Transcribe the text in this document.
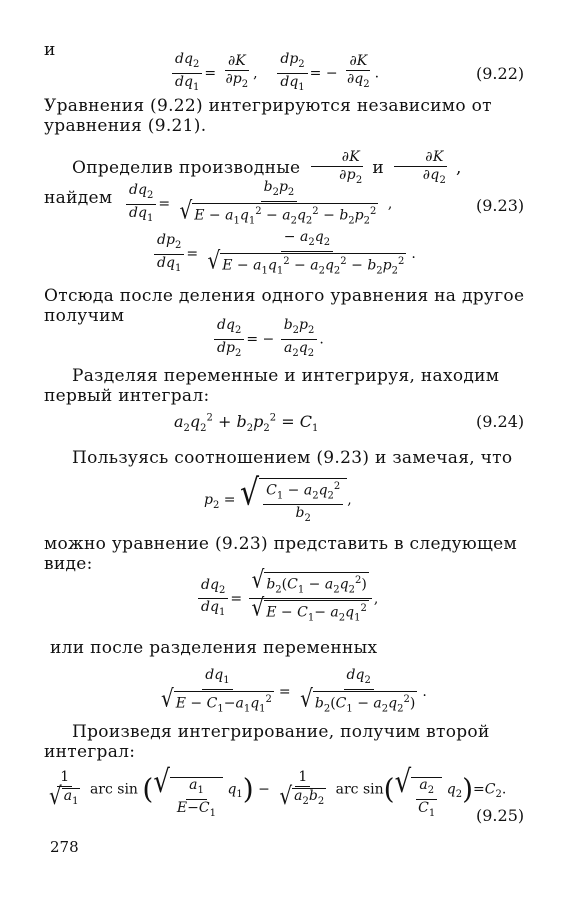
и
$\frac{dq_2}{dq_1} = \frac{\partial K}{\partial p_2}$ , $\frac{dp_2}{dq_1}$ = − $\frac{\partial K}{\partial q_2}$ .	(9.22)
Уравнения (9.22) интегрируются независимо от уравнения (9.21).
Определив производные $\frac{\partial K}{\partial p_2}$ и $\frac{\partial K}{\partial q_2}$ , найдем $\frac{dq_2}{dq_1} = \frac{b_2p_2}{√ E - a_1q_1^2 - a_2q_2^2 - b_2p_2^2}$ ,	(9.23)
$\frac{dp_2}{dq_1} = \frac{- a_2q_2}{√ E - a_1q_1^2 - a_2q_2^2 - b_2p_2^2}$ .
Отсюда после деления одного уравнения на другое получим
$\frac{dq_2}{dp_2}$ = − $\frac{b_2p_2}{a_2q_2}$ .
Разделяя переменные и интегрируя, находим первый интеграл:
$a_2q_2^2 + b_2p_2^2 = C_1$	(9.24)
Пользуясь соотношением (9.23) и замечая, что
$p_2$ = √ $\frac{C_1 - a_2q_2^2}{b_2}$ ,
можно уравнение (9.23) представить в следующем виде:
$\frac{dq_2}{dq_1} = \frac{√ b_2(C_1 - a_2q_2^2)}{√ E - C_1- a_2q_1^2}$ ,
или после разделения переменных
$\frac{dq_1}{√ E - C_1-a_1q_1^2} = \frac{dq_2}{√ b_2(C_1 - a_2q_2^2)}$ .
Произведя интегрирование, получим второй интеграл:
$\frac{1}{√ a_1}$ arc sin ( √ $\frac{a_1}{E-C_1} q_1) - \frac{1}{√ a_2b_2}$ arc sin( √ $\frac{a_2}{C_1} q_2)=C_2$.
(9.25)
278
